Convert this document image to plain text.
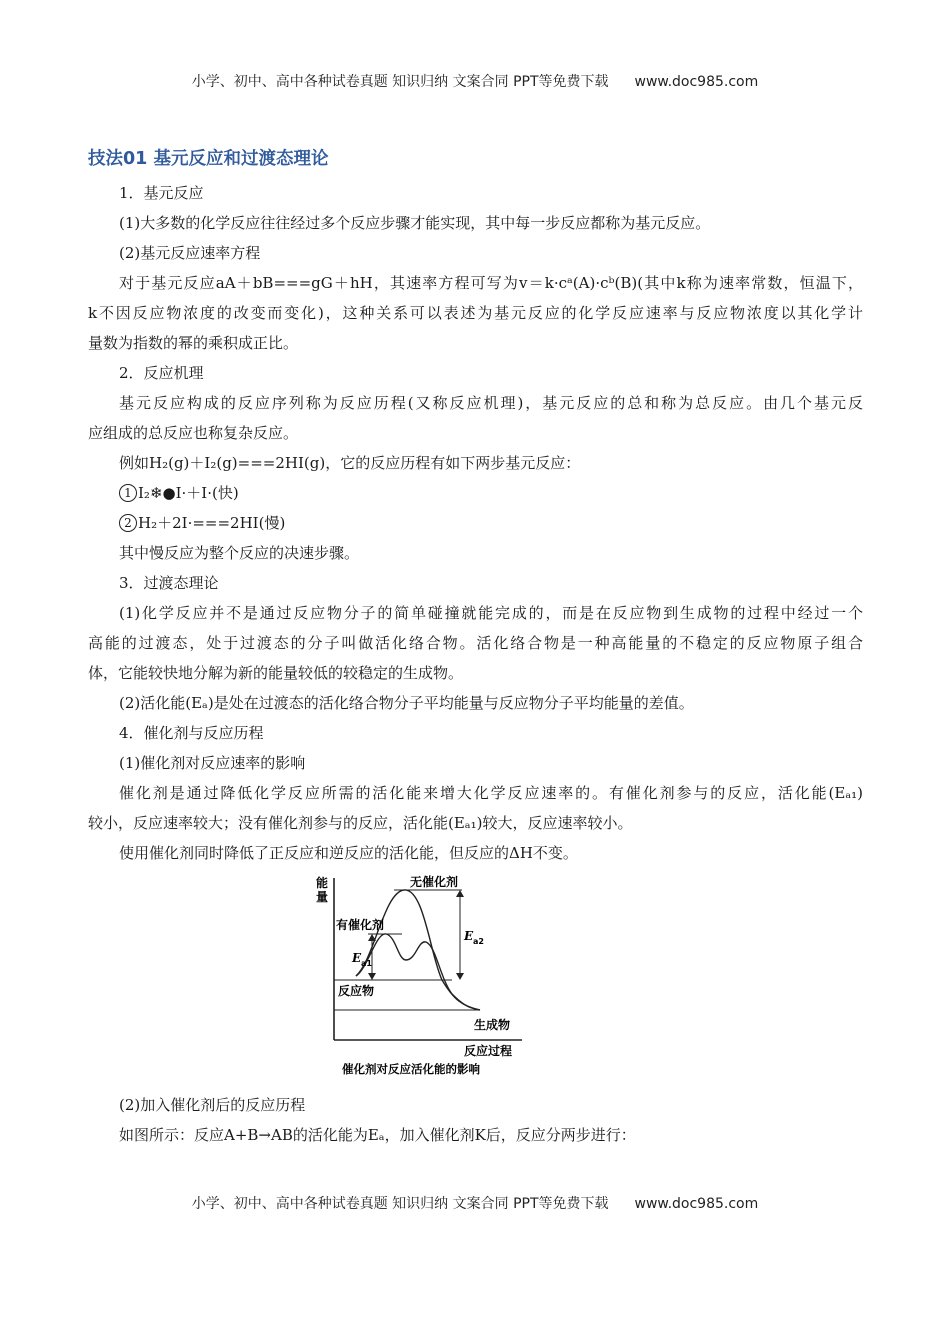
小学、初中、高中各种试卷真题 知识归纳 文案合同 PPT等免费下载 www.doc985.com
技法01 基元反应和过渡态理论
1．基元反应
(1)大多数的化学反应往往经过多个反应步骤才能实现，其中每一步反应都称为基元反应。
(2)基元反应速率方程
对于基元反应aA＋bB===gG＋hH，其速率方程可写为v＝k·cᵃ(A)·cᵇ(B)(其中k称为速率常数，恒温下，
k不因反应物浓度的改变而变化)，这种关系可以表述为基元反应的化学反应速率与反应物浓度以其化学计
量数为指数的幂的乘积成正比。
2．反应机理
基元反应构成的反应序列称为反应历程(又称反应机理)，基元反应的总和称为总反应。由几个基元反
应组成的总反应也称复杂反应。
例如H₂(g)＋I₂(g)===2HI(g)，它的反应历程有如下两步基元反应：
1 I₂❄●I·＋I·(快)
2 H₂＋2I·===2HI(慢)
其中慢反应为整个反应的决速步骤。
3．过渡态理论
(1)化学反应并不是通过反应物分子的简单碰撞就能完成的，而是在反应物到生成物的过程中经过一个
高能的过渡态，处于过渡态的分子叫做活化络合物。活化络合物是一种高能量的不稳定的反应物原子组合
体，它能较快地分解为新的能量较低的较稳定的生成物。
(2)活化能(Eₐ)是处在过渡态的活化络合物分子平均能量与反应物分子平均能量的差值。
4．催化剂与反应历程
(1)催化剂对反应速率的影响
催化剂是通过降低化学反应所需的活化能来增大化学反应速率的。有催化剂参与的反应，活化能(Eₐ₁)
较小，反应速率较大；没有催化剂参与的反应，活化能(Eₐ₁)较大，反应速率较小。
使用催化剂同时降低了正反应和逆反应的活化能，但反应的ΔH不变。
能
量
无催化剂
有催化剂
E a1
E a2
反应物
生成物
反应过程
催化剂对反应活化能的影响
(2)加入催化剂后的反应历程
如图所示：反应A+B→AB的活化能为Eₐ，加入催化剂K后，反应分两步进行：
小学、初中、高中各种试卷真题 知识归纳 文案合同 PPT等免费下载 www.doc985.com
